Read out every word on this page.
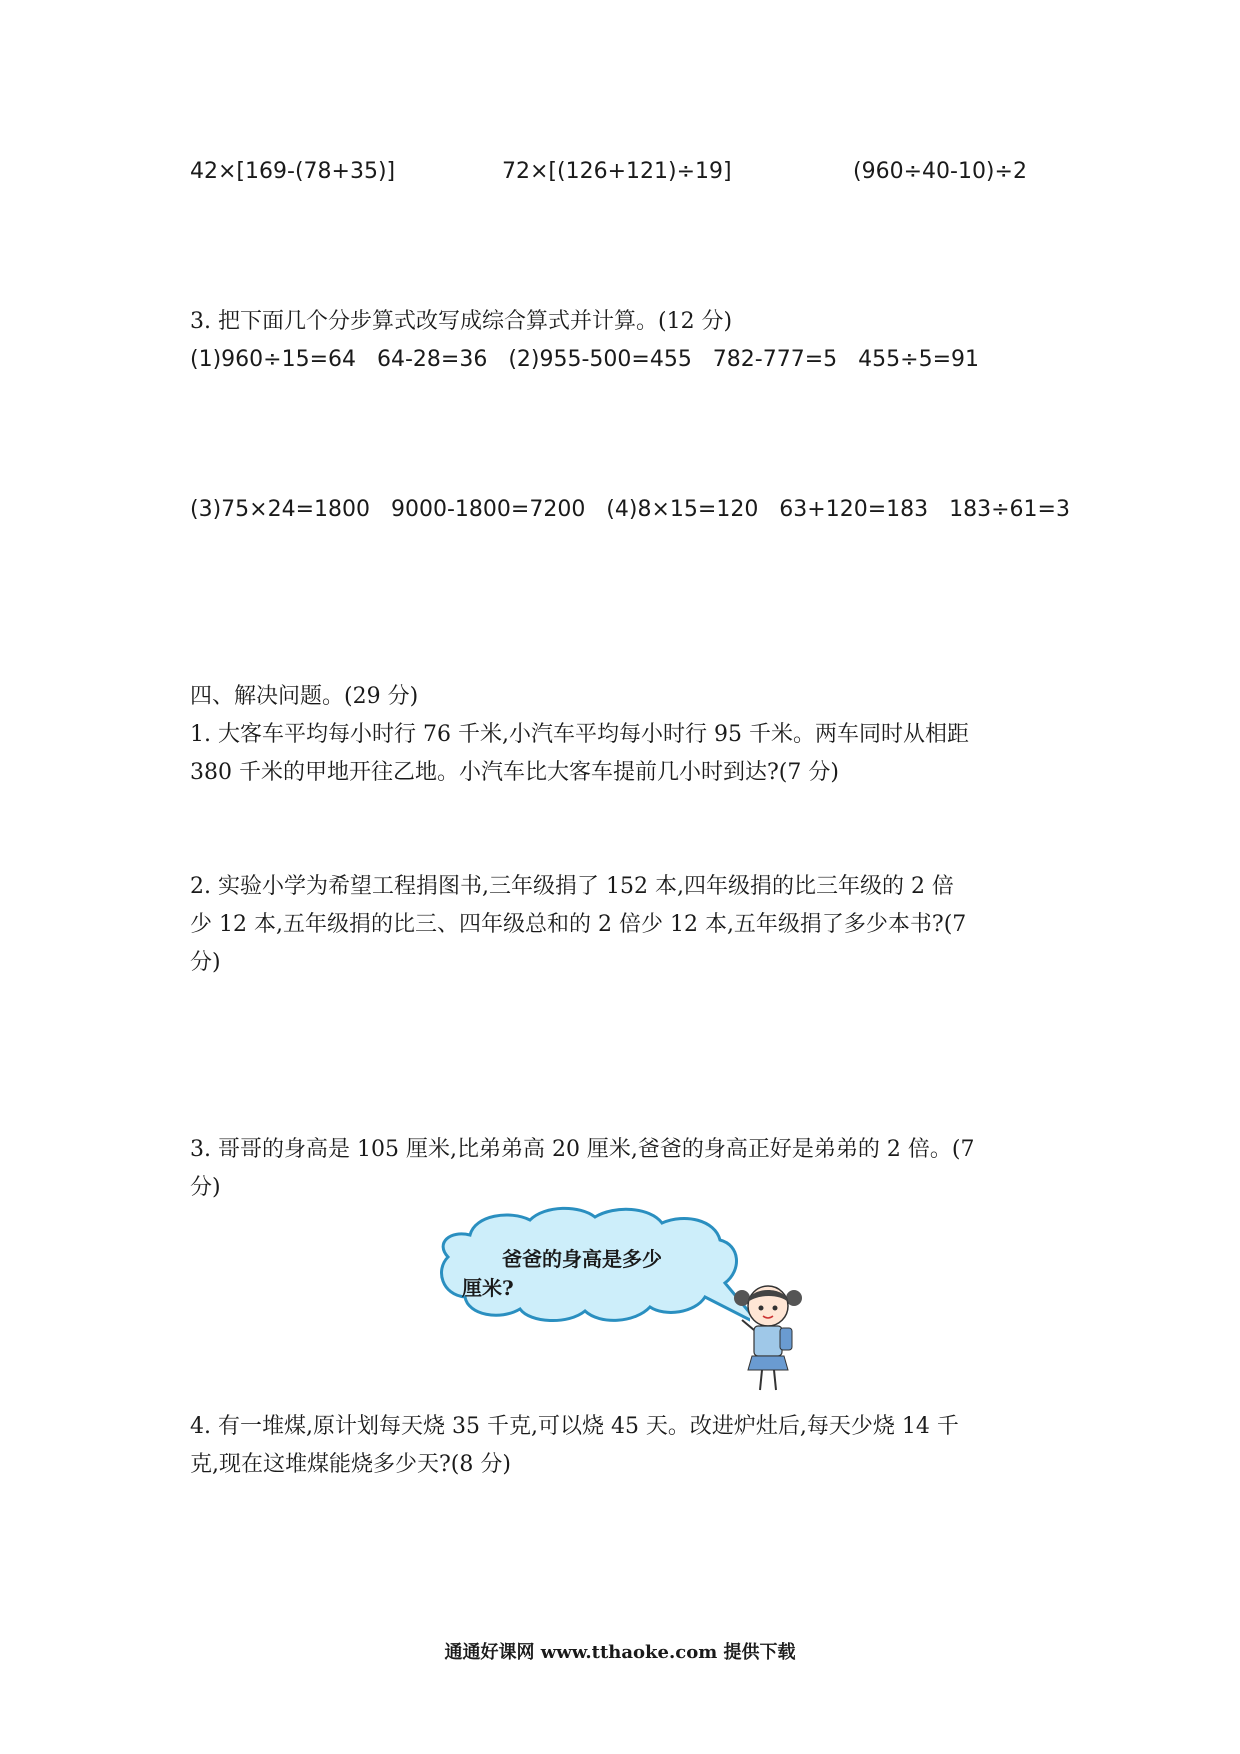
42×[169-(78+35)]	72×[(126+121)÷19]	(960÷40-10)÷2
3. 把下面几个分步算式改写成综合算式并计算。(12 分)
(1)960÷15=64   64-28=36   (2)955-500=455   782-777=5   455÷5=91
(3)75×24=1800   9000-1800=7200   (4)8×15=120   63+120=183   183÷61=3
四、解决问题。(29 分)
1. 大客车平均每小时行 76 千米,小汽车平均每小时行 95 千米。两车同时从相距
380 千米的甲地开往乙地。小汽车比大客车提前几小时到达?(7 分)
2. 实验小学为希望工程捐图书,三年级捐了 152 本,四年级捐的比三年级的 2 倍
少 12 本,五年级捐的比三、四年级总和的 2 倍少 12 本,五年级捐了多少本书?(7
分)
3. 哥哥的身高是 105 厘米,比弟弟高 20 厘米,爸爸的身高正好是弟弟的 2 倍。(7
分)
爸爸的身高是多少
厘米?
4. 有一堆煤,原计划每天烧 35 千克,可以烧 45 天。改进炉灶后,每天少烧 14 千
克,现在这堆煤能烧多少天?(8 分)
通通好课网 www.tthaoke.com 提供下载
